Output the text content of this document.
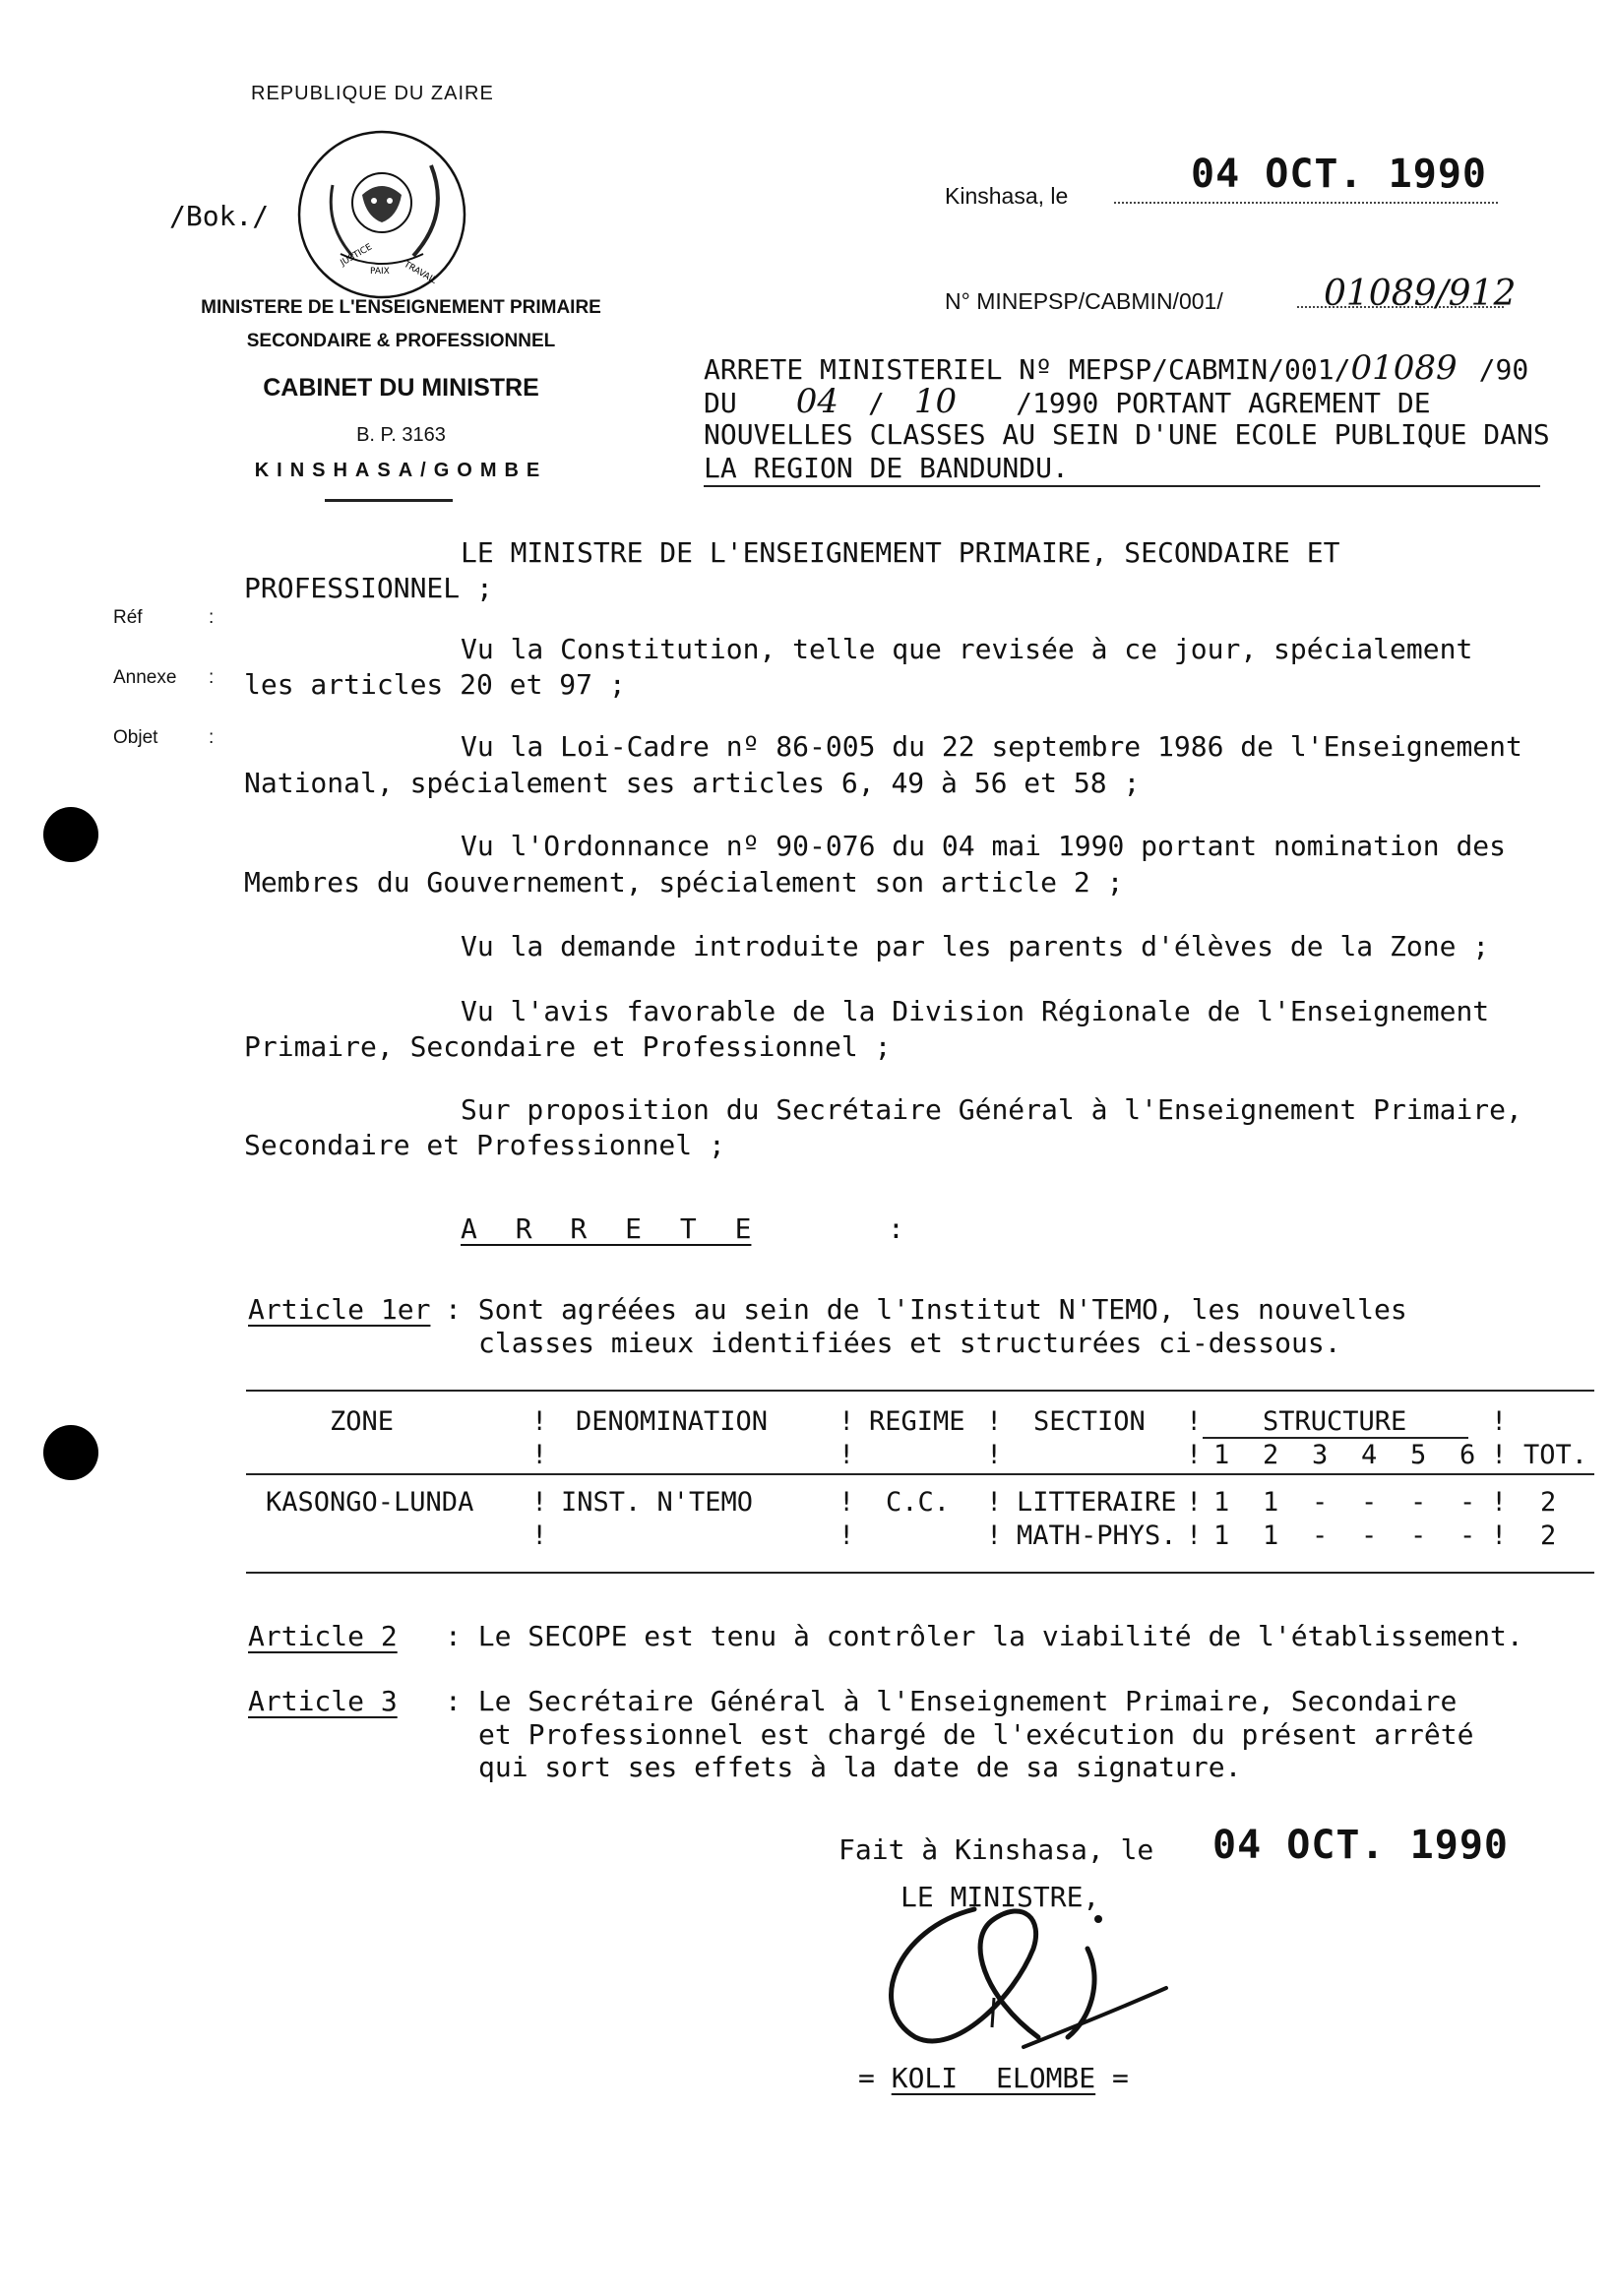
REPUBLIQUE DU ZAIRE
/Bok./
JUSTICE
PAIX TRAVAIL
MINISTERE DE L'ENSEIGNEMENT PRIMAIRE
SECONDAIRE & PROFESSIONNEL
CABINET DU MINISTRE
B. P. 3163
KINSHASA/GOMBE
Kinshasa, le	04 OCT. 1990
N° MINEPSP/CABMIN/001/	01089/912
ARRETE MINISTERIEL Nº MEPSP/CABMIN/001/01089 /90
DU 04 / 10 /1990 PORTANT AGREMENT DE
NOUVELLES CLASSES AU SEIN D'UNE ECOLE PUBLIQUE DANS
LA REGION DE BANDUNDU.
Réf	:
Annexe :
Objet	:
LE MINISTRE DE L'ENSEIGNEMENT PRIMAIRE, SECONDAIRE ET
PROFESSIONNEL ;
Vu la Constitution, telle que revisée à ce jour, spécialement
les articles 20 et 97 ;
Vu la Loi-Cadre nº 86-005 du 22 septembre 1986 de l'Enseignement
National, spécialement ses articles 6, 49 à 56 et 58 ;
Vu l'Ordonnance nº 90-076 du 04 mai 1990 portant nomination des
Membres du Gouvernement, spécialement son article 2 ;
Vu la demande introduite par les parents d'élèves de la Zone ;
Vu l'avis favorable de la Division Régionale de l'Enseignement
Primaire, Secondaire et Professionnel ;
Sur proposition du Secrétaire Général à l'Enseignement Primaire,
Secondaire et Professionnel ;
A R R E T E	:
Article 1er : Sont agréées au sein de l'Institut N'TEMO, les nouvelles
classes mieux identifiées et structurées ci-dessous.
ZONE	! DENOMINATION	! REGIME ! SECTION ! STRUCTURE	!
!	!	!	! 1 2 3 4 5 6 ! TOT.
KASONGO-LUNDA ! INST. N'TEMO	! C.C. ! LITTERAIRE ! 1 1 - - - - ! 2
!	!	! MATH-PHYS. ! 1 1 - - - - ! 2
Article 2 : Le SECOPE est tenu à contrôler la viabilité de l'établissement.
Article 3 : Le Secrétaire Général à l'Enseignement Primaire, Secondaire
et Professionnel est chargé de l'exécution du présent arrêté
qui sort ses effets à la date de sa signature.
Fait à Kinshasa, le 04 OCT. 1990
LE MINISTRE,
= KOLI ELOMBE =
